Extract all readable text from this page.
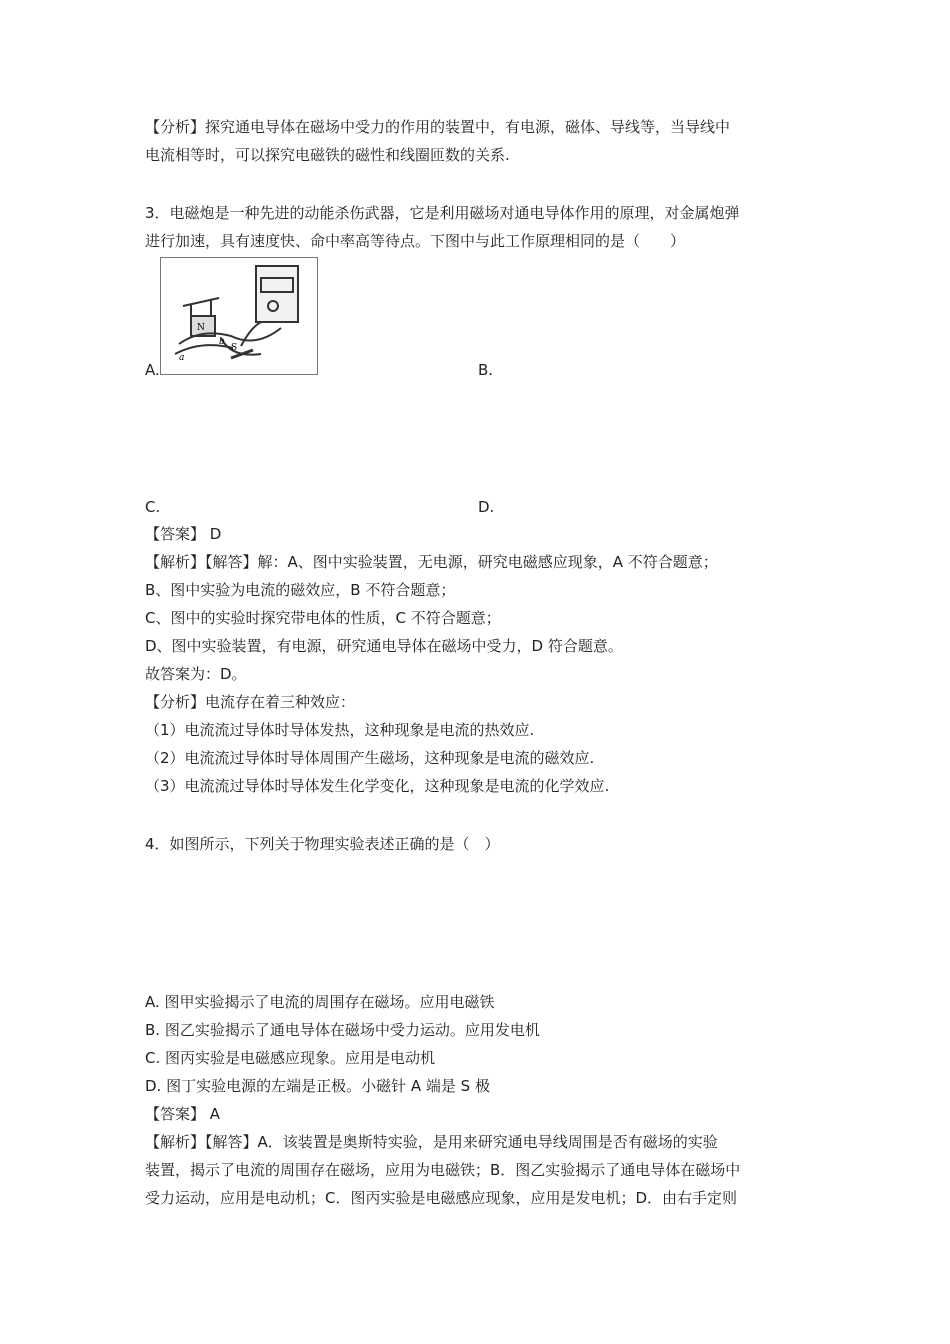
【分析】探究通电导体在磁场中受力的作用的装置中，有电源，磁体、导线等，当导线中
电流相等时，可以探究电磁铁的磁性和线圈匝数的关系.
3．电磁炮是一种先进的动能杀伤武器，它是利用磁场对通电导体作用的原理，对金属炮弹
进行加速，具有速度快、命中率高等待点。下图中与此工作原理相同的是（　　）
N
S
a
b
A.	B.
C.	D.
【答案】 D
【解析】【解答】解：A、图中实验装置，无电源，研究电磁感应现象，A 不符合题意；
B、图中实验为电流的磁效应，B 不符合题意；
C、图中的实验时探究带电体的性质，C 不符合题意；
D、图中实验装置，有电源，研究通电导体在磁场中受力，D 符合题意。
故答案为：D。
【分析】电流存在着三种效应：
（1）电流流过导体时导体发热，这种现象是电流的热效应.
（2）电流流过导体时导体周围产生磁场，这种现象是电流的磁效应.
（3）电流流过导体时导体发生化学变化，这种现象是电流的化学效应.
4．如图所示，下列关于物理实验表述正确的是（　）
A. 图甲实验揭示了电流的周围存在磁场。应用电磁铁
B. 图乙实验揭示了通电导体在磁场中受力运动。应用发电机
C. 图丙实验是电磁感应现象。应用是电动机
D. 图丁实验电源的左端是正极。小磁针 A 端是 S 极
【答案】 A
【解析】【解答】A．该装置是奥斯特实验，是用来研究通电导线周围是否有磁场的实验
装置，揭示了电流的周围存在磁场，应用为电磁铁；B．图乙实验揭示了通电导体在磁场中
受力运动，应用是电动机；C．图丙实验是电磁感应现象，应用是发电机；D．由右手定则
